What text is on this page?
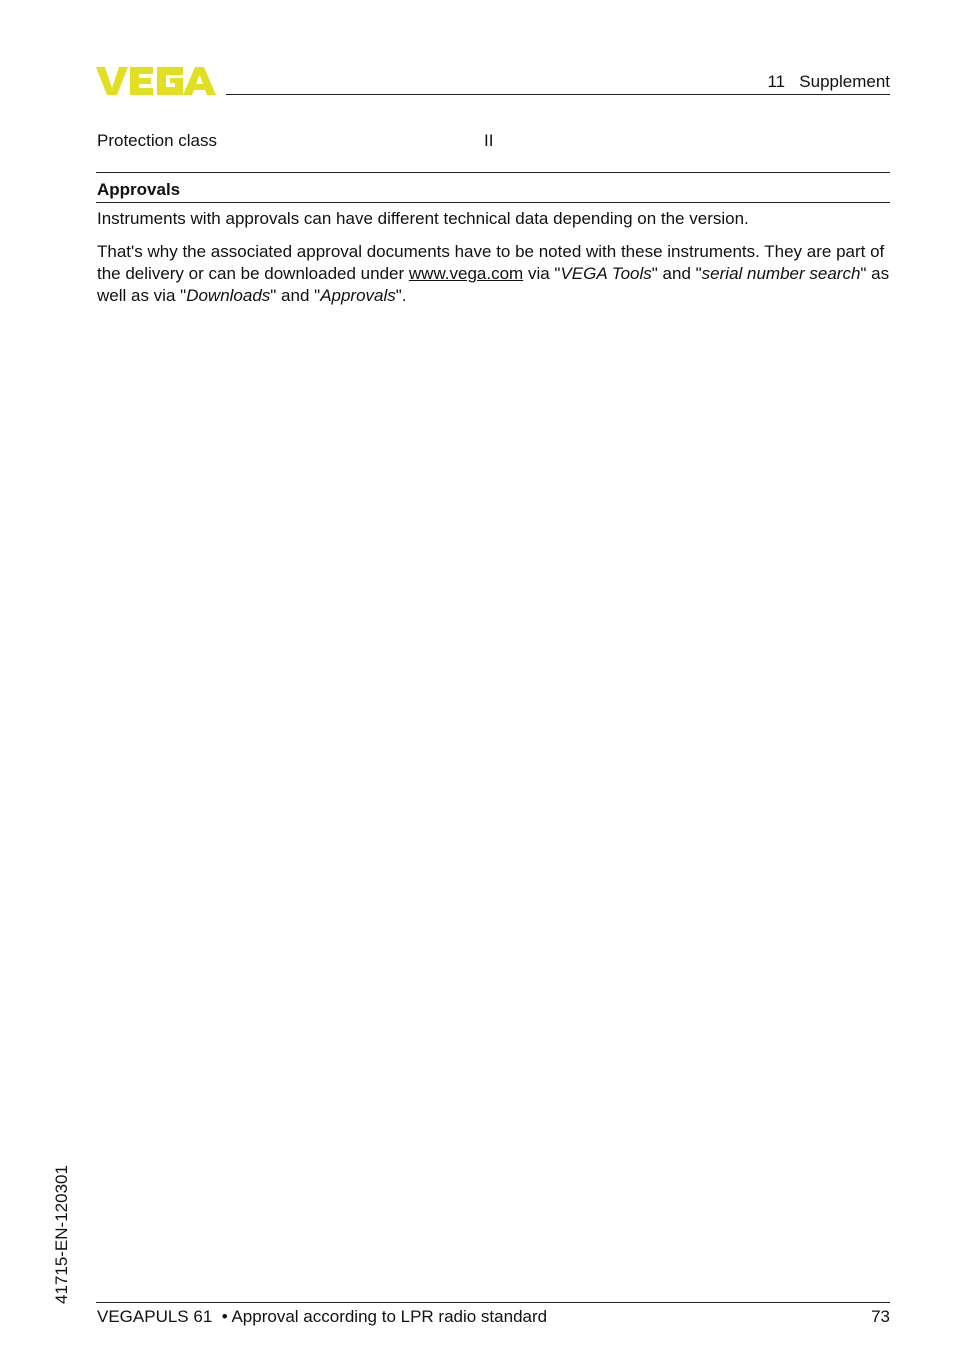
11   Supplement
Protection class	II
Approvals

Instruments with approvals can have different technical data depending on the version.

That's why the associated approval documents have to be noted with these instruments. They are part of the delivery or can be downloaded under www.vega.com via "VEGA Tools" and "serial number search" as well as via "Downloads" and "Approvals".

41715-EN-120301
VEGAPULS 61  • Approval according to LPR radio standard	73
